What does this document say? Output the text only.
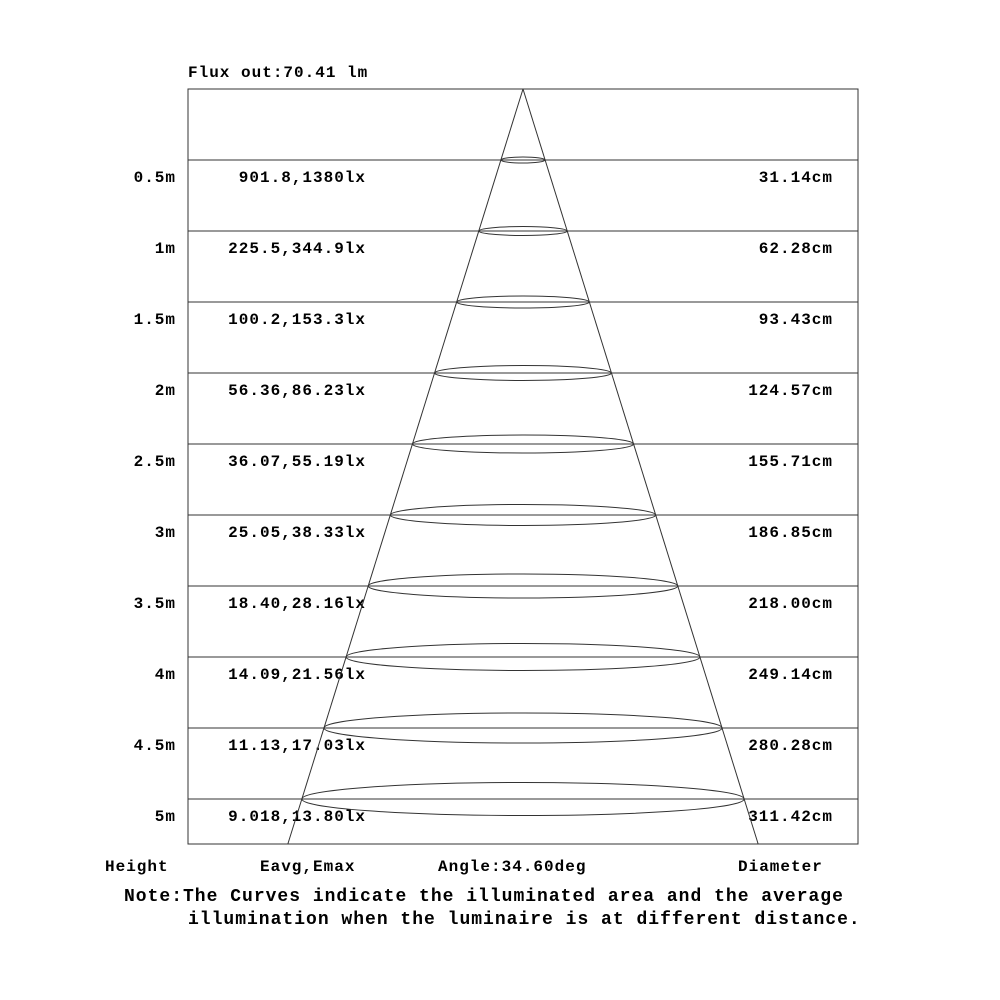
Flux out:70.41 lm
0.5m	901.8,1380lx	31.14cm
1m	225.5,344.9lx	62.28cm
1.5m	100.2,153.3lx	93.43cm
2m	56.36,86.23lx	124.57cm
2.5m	36.07,55.19lx	155.71cm
3m	25.05,38.33lx	186.85cm
3.5m	18.40,28.16lx	218.00cm
4m	14.09,21.56lx	249.14cm
4.5m	11.13,17.03lx	280.28cm
5m	9.018,13.80lx	311.42cm
Height	Eavg,Emax	Angle:34.60deg	Diameter
Note:The Curves indicate the illuminated area and the average
illumination when the luminaire is at different distance.
